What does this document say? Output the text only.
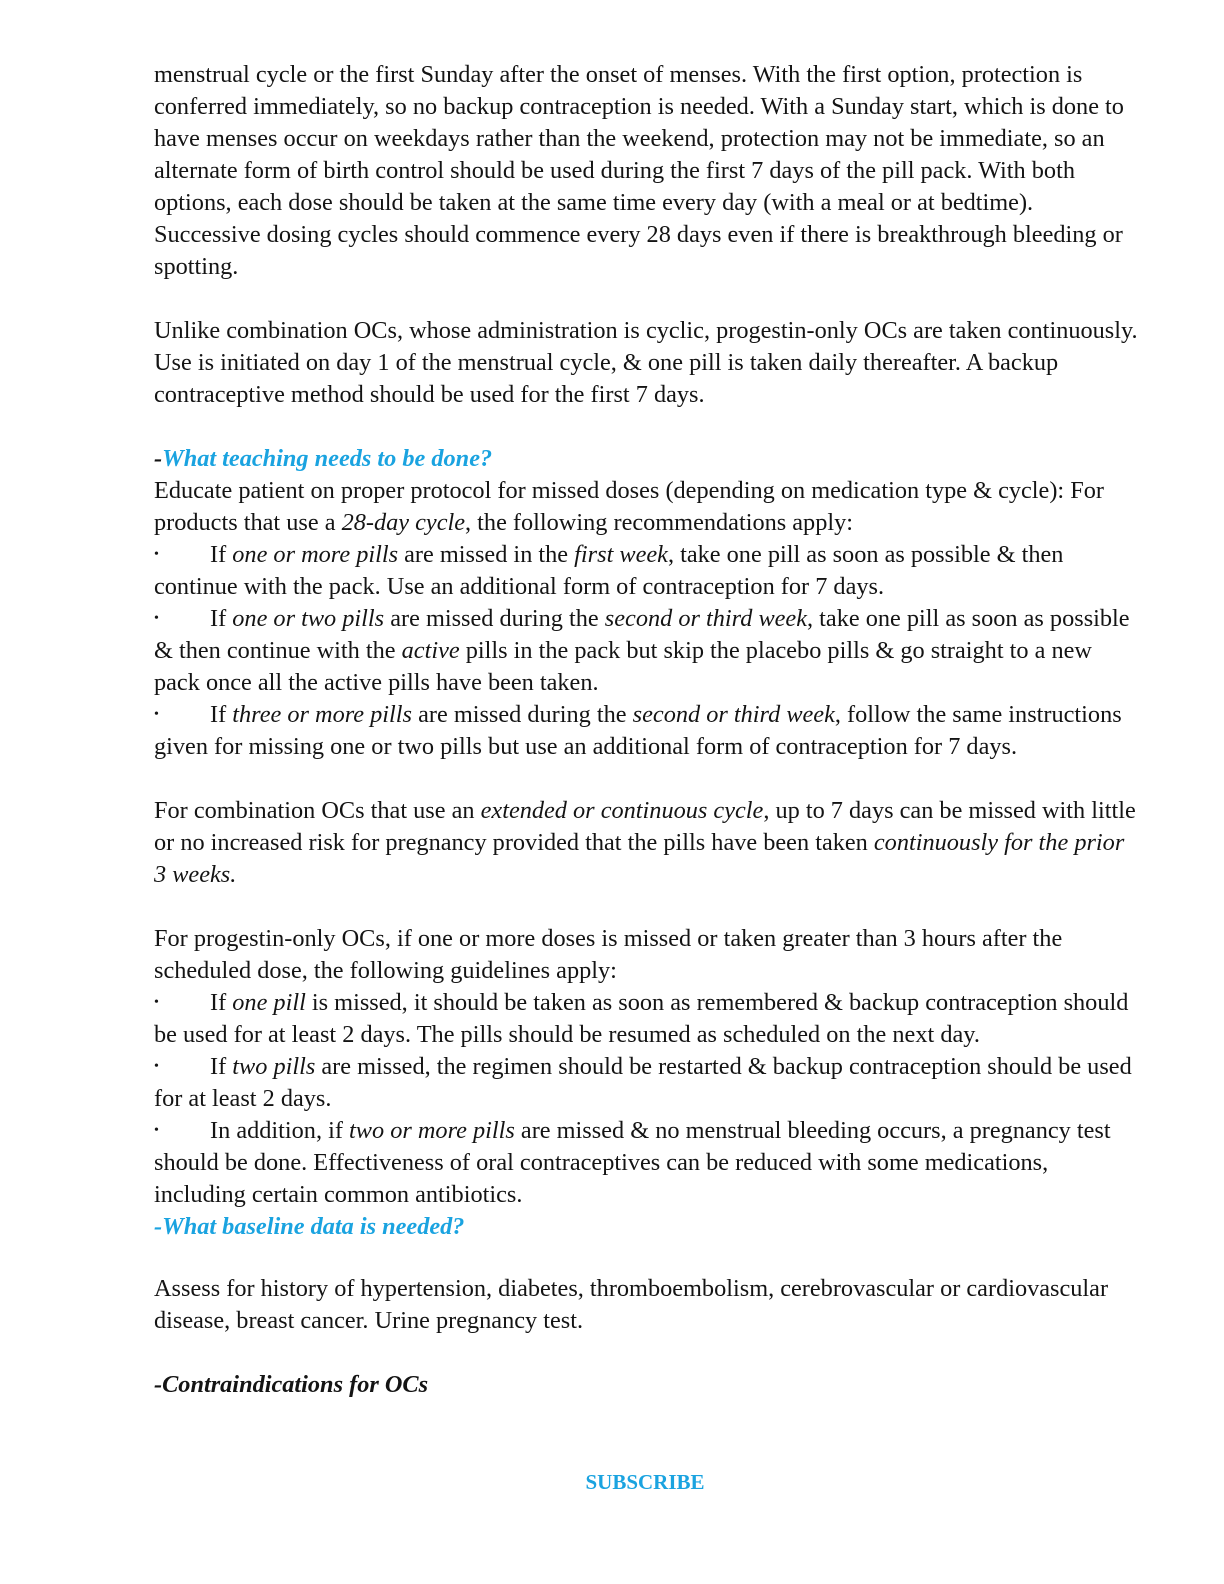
menstrual cycle or the first Sunday after the onset of menses. With the first option, protection is conferred immediately, so no backup contraception is needed. With a Sunday start, which is done to have menses occur on weekdays rather than the weekend, protection may not be immediate, so an alternate form of birth control should be used during the first 7 days of the pill pack. With both options, each dose should be taken at the same time every day (with a meal or at bedtime). Successive dosing cycles should commence every 28 days even if there is breakthrough bleeding or spotting.

Unlike combination OCs, whose administration is cyclic, progestin-only OCs are taken continuously. Use is initiated on day 1 of the menstrual cycle, & one pill is taken daily thereafter. A backup contraceptive method should be used for the first 7 days.

-What teaching needs to be done?

Educate patient on proper protocol for missed doses (depending on medication type & cycle): For products that use a 28-day cycle, the following recommendations apply:

• If one or more pills are missed in the first week, take one pill as soon as possible & then continue with the pack. Use an additional form of contraception for 7 days.

• If one or two pills are missed during the second or third week, take one pill as soon as possible & then continue with the active pills in the pack but skip the placebo pills & go straight to a new pack once all the active pills have been taken.

• If three or more pills are missed during the second or third week, follow the same instructions given for missing one or two pills but use an additional form of contraception for 7 days.

For combination OCs that use an extended or continuous cycle, up to 7 days can be missed with little or no increased risk for pregnancy provided that the pills have been taken continuously for the prior 3 weeks.

For progestin-only OCs, if one or more doses is missed or taken greater than 3 hours after the scheduled dose, the following guidelines apply:

• If one pill is missed, it should be taken as soon as remembered & backup contraception should be used for at least 2 days. The pills should be resumed as scheduled on the next day.

• If two pills are missed, the regimen should be restarted & backup contraception should be used for at least 2 days.

• In addition, if two or more pills are missed & no menstrual bleeding occurs, a pregnancy test should be done. Effectiveness of oral contraceptives can be reduced with some medications, including certain common antibiotics.

-What baseline data is needed?

Assess for history of hypertension, diabetes, thromboembolism, cerebrovascular or cardiovascular disease, breast cancer. Urine pregnancy test.

-Contraindications for OCs

SUBSCRIBE
